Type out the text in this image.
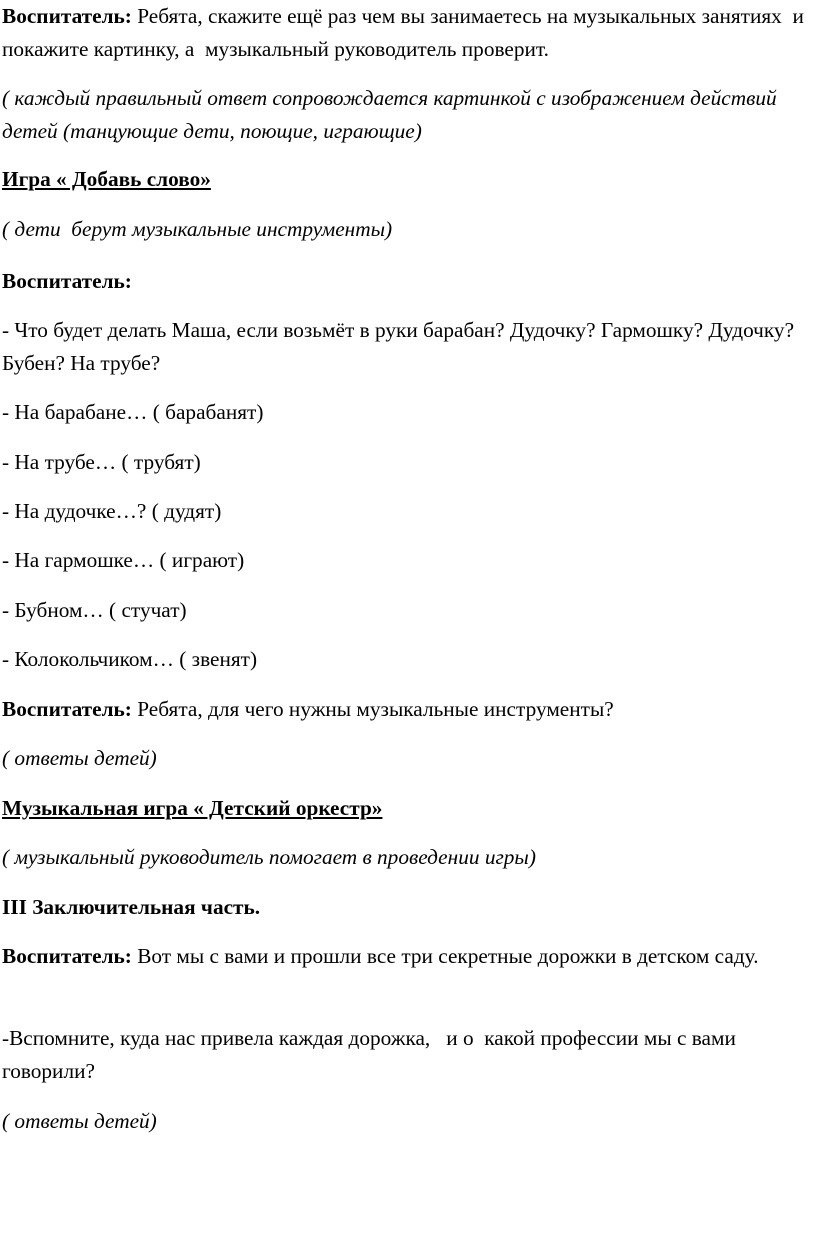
Воспитатель: Ребята, скажите ещё раз чем вы занимаетесь на музыкальных занятиях  и покажите картинку, а  музыкальный руководитель проверит.

( каждый правильный ответ сопровождается картинкой с изображением действий детей (танцующие дети, поющие, играющие)

Игра « Добавь слово»

( дети  берут музыкальные инструменты)

Воспитатель:

- Что будет делать Маша, если возьмёт в руки барабан? Дудочку? Гармошку? Дудочку? Бубен? На трубе?

- На барабане… ( барабанят)

- На трубе… ( трубят)

- На дудочке…? ( дудят)

- На гармошке… ( играют)

- Бубном… ( стучат)

- Колокольчиком… ( звенят)

Воспитатель: Ребята, для чего нужны музыкальные инструменты?

( ответы детей)

Музыкальная игра « Детский оркестр»

( музыкальный руководитель помогает в проведении игры)

III Заключительная часть.

Воспитатель: Вот мы с вами и прошли все три секретные дорожки в детском саду.

-Вспомните, куда нас привела каждая дорожка,   и о  какой профессии мы с вами говорили?

( ответы детей)
